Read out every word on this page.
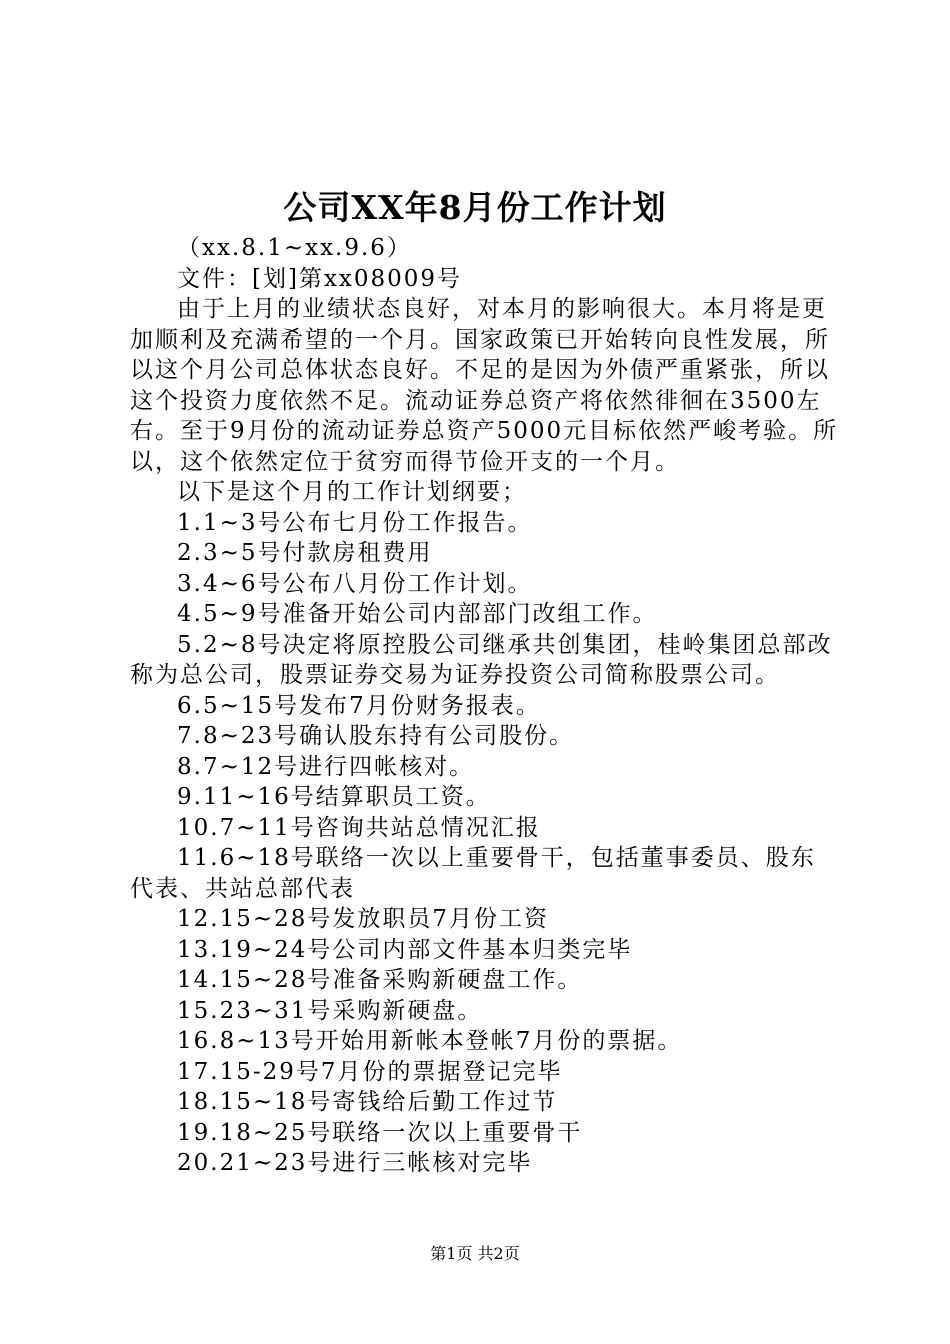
公司XX年8月份工作计划

（xx.8.1~xx.9.6）

文件：[划]第xx08009号

由于上月的业绩状态良好，对本月的影响很大。本月将是更加顺利及充满希望的一个月。国家政策已开始转向良性发展，所以这个月公司总体状态良好。不足的是因为外债严重紧张，所以这个投资力度依然不足。流动证券总资产将依然徘徊在3500左右。至于9月份的流动证券总资产5000元目标依然严峻考验。所以，这个依然定位于贫穷而得节俭开支的一个月。

以下是这个月的工作计划纲要；

1.1~3号公布七月份工作报告。

2.3~5号付款房租费用

3.4~6号公布八月份工作计划。

4.5~9号准备开始公司内部部门改组工作。

5.2~8号决定将原控股公司继承共创集团，桂岭集团总部改称为总公司，股票证券交易为证券投资公司简称股票公司。

6.5~15号发布7月份财务报表。

7.8~23号确认股东持有公司股份。

8.7~12号进行四帐核对。

9.11~16号结算职员工资。

10.7~11号咨询共站总情况汇报

11.6~18号联络一次以上重要骨干，包括董事委员、股东代表、共站总部代表

12.15~28号发放职员7月份工资

13.19~24号公司内部文件基本归类完毕

14.15~28号准备采购新硬盘工作。

15.23~31号采购新硬盘。

16.8~13号开始用新帐本登帐7月份的票据。

17.15-29号7月份的票据登记完毕

18.15~18号寄钱给后勤工作过节

19.18~25号联络一次以上重要骨干

20.21~23号进行三帐核对完毕

第1页 共2页
